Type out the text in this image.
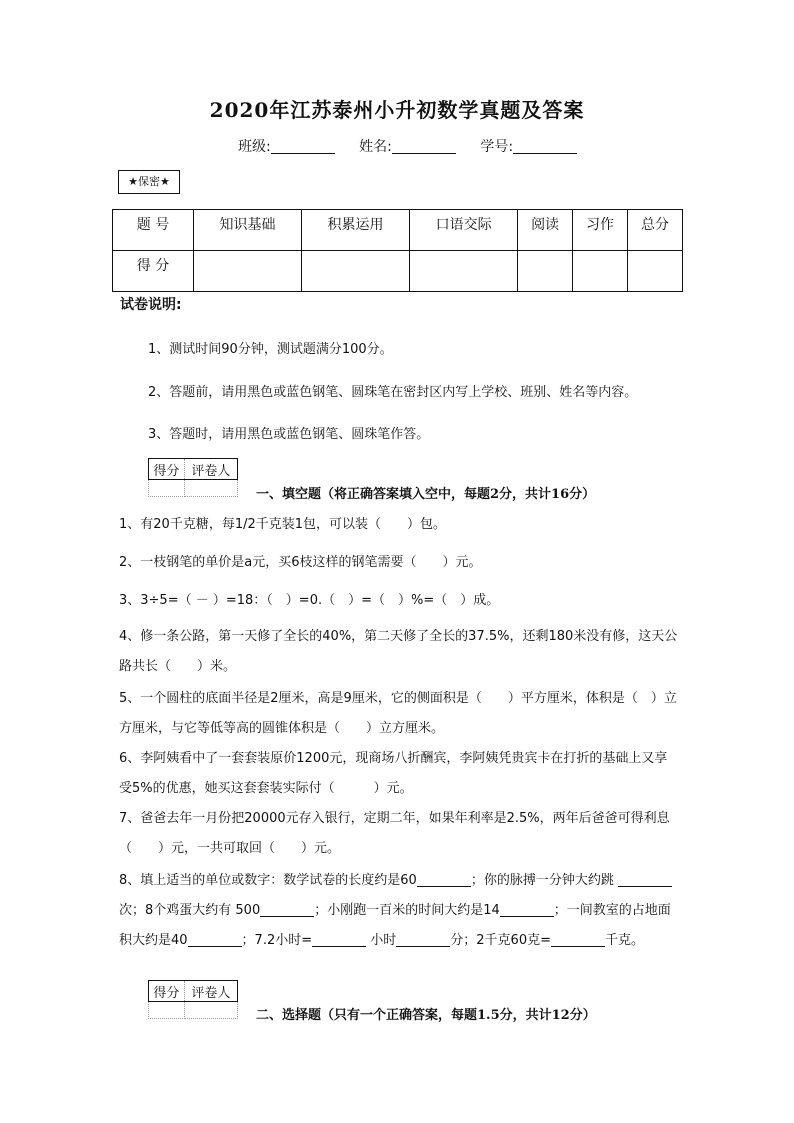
2020年江苏泰州小升初数学真题及答案
班级:	姓名:	学号:
★保密★
题 号	知识基础	积累运用	口语交际	阅读	习作	总分
得 分						
试卷说明:
1、测试时间90分钟，测试题满分100分。
2、答题前，请用黑色或蓝色钢笔、圆珠笔在密封区内写上学校、班别、姓名等内容。
3、答题时，请用黑色或蓝色钢笔、圆珠笔作答。
得分	评卷人

一、填空题（将正确答案填入空中，每题2分，共计16分）
1、有20千克糖，每1/2千克装1包，可以装（　　）包。
2、一枝钢笔的单价是a元，买6枝这样的钢笔需要（　　）元。
3、3÷5=（ － ）=18：（　）=0.（　）=（　）%=（　）成。
4、修一条公路，第一天修了全长的40%，第二天修了全长的37.5%，还剩180米没有修，这天公路共长（　　）米。
5、一个圆柱的底面半径是2厘米，高是9厘米，它的侧面积是（　　）平方厘米，体积是（　）立方厘米，与它等低等高的圆锥体积是（　　）立方厘米。
6、李阿姨看中了一套套装原价1200元，现商场八折酬宾，李阿姨凭贵宾卡在打折的基础上又享受5%的优惠，她买这套套装实际付（　　　）元。
7、爸爸去年一月份把20000元存入银行，定期二年，如果年利率是2.5%，两年后爸爸可得利息（　　）元，一共可取回（　　）元。
8、填上适当的单位或数字：数学试卷的长度约是60	；你的脉搏一分钟大约跳 次；8个鸡蛋大约有 500	；小刚跑一百米的时间大约是14	；一间教室的占地面积大约是40	；7.2小时=	小时	分；2千克60克=	千克。
得分	评卷人

二、选择题（只有一个正确答案，每题1.5分，共计12分）
